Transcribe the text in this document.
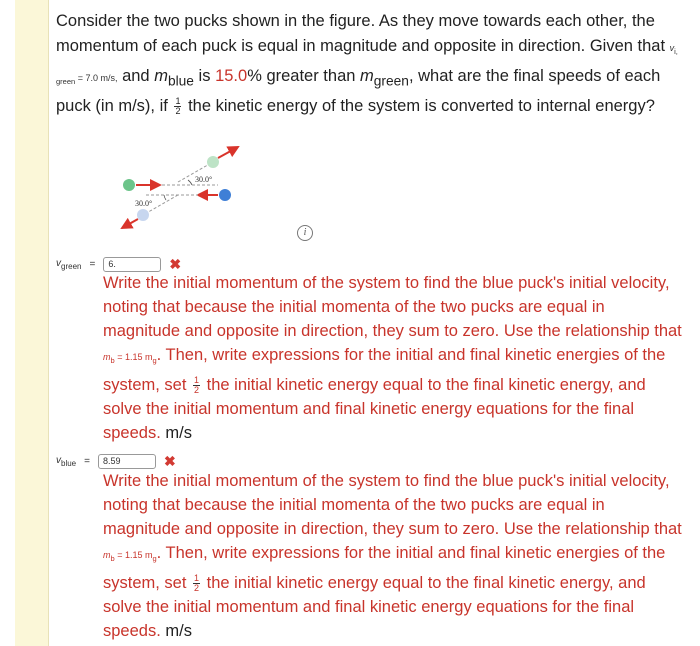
Consider the two pucks shown in the figure. As they move towards each other, the momentum of each puck is equal in magnitude and opposite in direction. Given that $v_{i, green} = 7.0$ m/s, and $m_{blue}$ is 15.0% greater than $m_{green}$, what are the final speeds of each puck (in m/s), if $\frac{1}{2}$ the kinetic energy of the system is converted to internal energy?
30.0°
30.0°
i
$v_{green}$ =	6.	✖
Write the initial momentum of the system to find the blue puck's initial velocity, noting that because the initial momenta of the two pucks are equal in magnitude and opposite in direction, they sum to zero. Use the relationship that $m_b = 1.15$ $m_g$. Then, write expressions for the initial and final kinetic energies of the system, set $\frac{1}{2}$ the initial kinetic energy equal to the final kinetic energy, and solve the initial momentum and final kinetic energy equations for the final speeds. m/s
$v_{blue}$ =	8.59	✖
Write the initial momentum of the system to find the blue puck's initial velocity, noting that because the initial momenta of the two pucks are equal in magnitude and opposite in direction, they sum to zero. Use the relationship that $m_b = 1.15$ $m_g$. Then, write expressions for the initial and final kinetic energies of the system, set $\frac{1}{2}$ the initial kinetic energy equal to the final kinetic energy, and solve the initial momentum and final kinetic energy equations for the final speeds. m/s
